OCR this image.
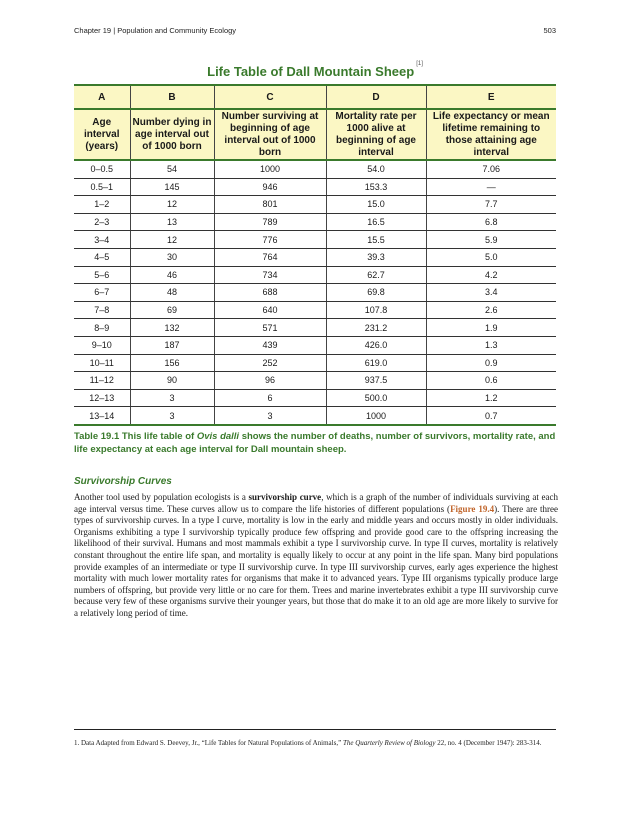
Chapter 19 | Population and Community Ecology	503
Life Table of Dall Mountain Sheep [1]
A	B	C	D	E
Age interval (years)	Number dying in age interval out of 1000 born	Number surviving at beginning of age interval out of 1000 born	Mortality rate per 1000 alive at beginning of age interval	Life expectancy or mean lifetime remaining to those attaining age interval
0–0.5	54	1000	54.0	7.06
0.5–1	145	946	153.3	—
1–2	12	801	15.0	7.7
2–3	13	789	16.5	6.8
3–4	12	776	15.5	5.9
4–5	30	764	39.3	5.0
5–6	46	734	62.7	4.2
6–7	48	688	69.8	3.4
7–8	69	640	107.8	2.6
8–9	132	571	231.2	1.9
9–10	187	439	426.0	1.3
10–11	156	252	619.0	0.9
11–12	90	96	937.5	0.6
12–13	3	6	500.0	1.2
13–14	3	3	1000	0.7
Table 19.1 This life table of Ovis dalli shows the number of deaths, number of survivors, mortality rate, and life expectancy at each age interval for Dall mountain sheep.
Survivorship Curves
Another tool used by population ecologists is a survivorship curve, which is a graph of the number of individuals surviving at each age interval versus time. These curves allow us to compare the life histories of different populations (Figure 19.4). There are three types of survivorship curves. In a type I curve, mortality is low in the early and middle years and occurs mostly in older individuals. Organisms exhibiting a type I survivorship typically produce few offspring and provide good care to the offspring increasing the likelihood of their survival. Humans and most mammals exhibit a type I survivorship curve. In type II curves, mortality is relatively constant throughout the entire life span, and mortality is equally likely to occur at any point in the life span. Many bird populations provide examples of an intermediate or type II survivorship curve. In type III survivorship curves, early ages experience the highest mortality with much lower mortality rates for organisms that make it to advanced years. Type III organisms typically produce large numbers of offspring, but provide very little or no care for them. Trees and marine invertebrates exhibit a type III survivorship curve because very few of these organisms survive their younger years, but those that do make it to an old age are more likely to survive for a relatively long period of time.
1. Data Adapted from Edward S. Deevey, Jr., “Life Tables for Natural Populations of Animals,” The Quarterly Review of Biology 22, no. 4 (December 1947): 283-314.
